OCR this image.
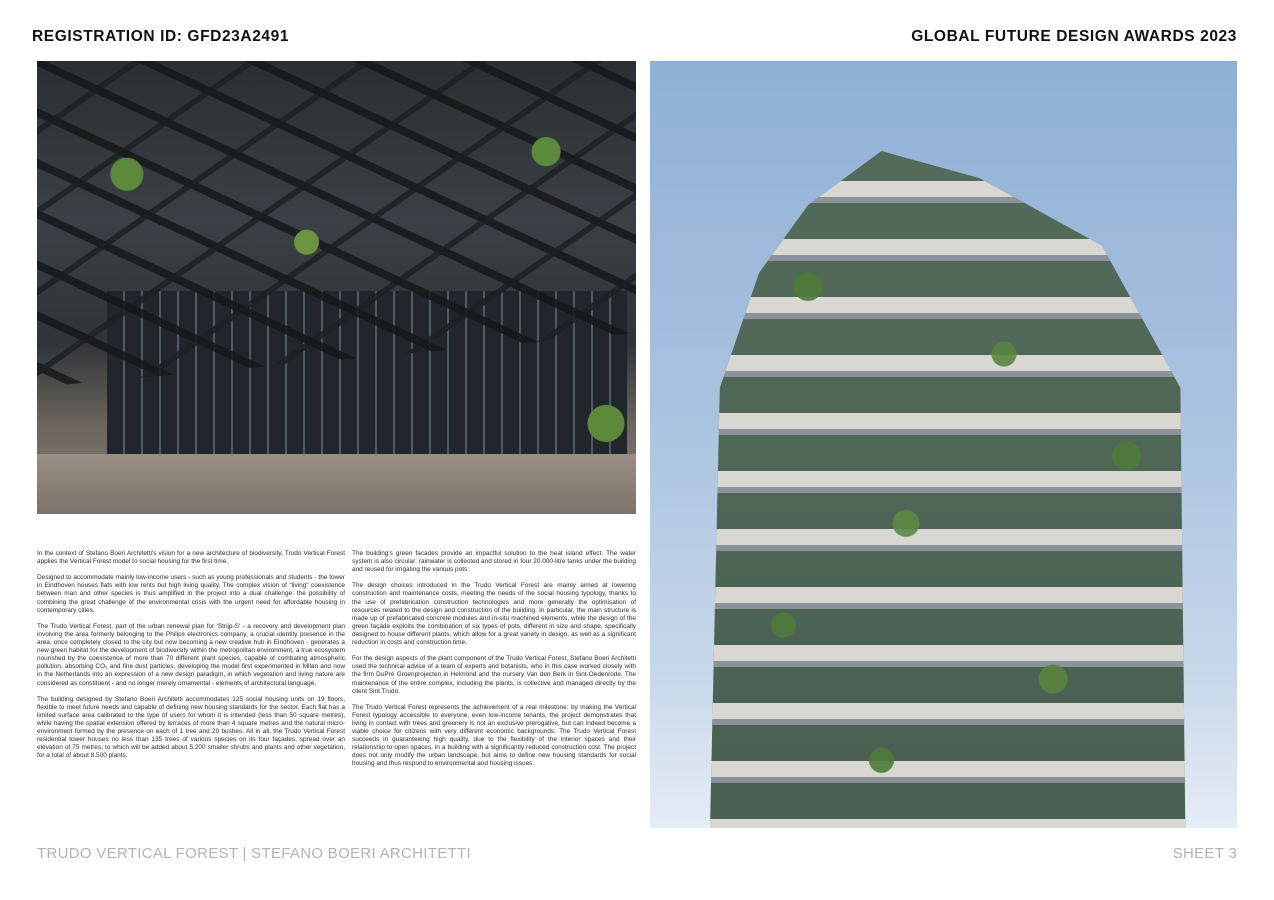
REGISTRATION ID: GFD23A2491	GLOBAL FUTURE DESIGN AWARDS 2023

In the context of Stefano Boeri Architetti's vision for a new architecture of biodiversity, Trudo Vertical Forest applies the Vertical Forest model to social housing for the first time.

Designed to accommodate mainly low-income users - such as young professionals and students - the tower in Eindhoven houses flats with low rents but high living quality. The complex vision of "living" coexistence between man and other species is thus amplified in the project into a dual challenge: the possibility of combining the great challenge of the environmental crisis with the urgent need for affordable housing in contemporary cities.

The Trudo Vertical Forest, part of the urban renewal plan for 'Strijp-S' - a recovery and development plan involving the area formerly belonging to the Philips electronics company, a crucial identity presence in the area, once completely closed to the city but now becoming a new creative hub in Eindhoven - generates a new green habitat for the development of biodiversity within the metropolitan environment, a true ecosystem nourished by the coexistence of more than 70 different plant species, capable of combating atmospheric pollution, absorbing CO₂ and fine dust particles, developing the model first experimented in Milan and now in the Netherlands into an expression of a new design paradigm, in which vegetation and living nature are considered as constituent - and no longer merely ornamental - elements of architectural language.

The building designed by Stefano Boeri Architetti accommodates 125 social housing units on 19 floors, flexible to meet future needs and capable of defining new housing standards for the sector. Each flat has a limited surface area calibrated to the type of users for whom it is intended (less than 50 square metres), while having the spatial extension offered by terraces of more than 4 square metres and the natural micro-environment formed by the presence on each of 1 tree and 20 bushes. All in all, the Trudo Vertical Forest residential tower houses no less than 135 trees of various species on its four façades, spread over an elevation of 75 metres, to which will be added about 5.200 smaller shrubs and plants and other vegetation, for a total of about 8.500 plants.

The building's green facades provide an impactful solution to the heat island effect. The water system is also circular: rainwater is collected and stored in four 20.000-litre tanks under the building and reused for irrigating the various pots.

The design choices introduced in the Trudo Vertical Forest are mainly aimed at lowering construction and maintenance costs, meeting the needs of the social housing typology, thanks to the use of prefabrication construction technologies and more generally the optimisation of resources related to the design and construction of the building. In particular, the main structure is made up of prefabricated concrete modules and in-situ machined elements, while the design of the green façade exploits the combination of six types of pots, different in size and shape, specifically designed to house different plants, which allow for a great variety in design, as well as a significant reduction in costs and construction time.

For the design aspects of the plant component of the Trudo Vertical Forest, Stefano Boeri Architetti used the technical advice of a team of experts and botanists, who in this case worked closely with the firm DuPré Groenprojecten in Helmond and the nursery Van den Berk in Sint-Oedenrode. The maintenance of the entire complex, including the plants, is collective and managed directly by the client Sint Trudo.

The Trudo Vertical Forest represents the achievement of a real milestone: by making the Vertical Forest typology accessible to everyone, even low-income tenants, the project demonstrates that living in contact with trees and greenery is not an exclusive prerogative, but can indeed become a viable choice for citizens with very different economic backgrounds. The Trudo Vertical Forest succeeds in guaranteeing high quality, due to the flexibility of the interior spaces and their relationship to open spaces, in a building with a significantly reduced construction cost. The project does not only modify the urban landscape, but aims to define new housing standards for social housing and thus respond to environmental and housing issues.

TRUDO VERTICAL FOREST | STEFANO BOERI ARCHITETTI	SHEET 3
